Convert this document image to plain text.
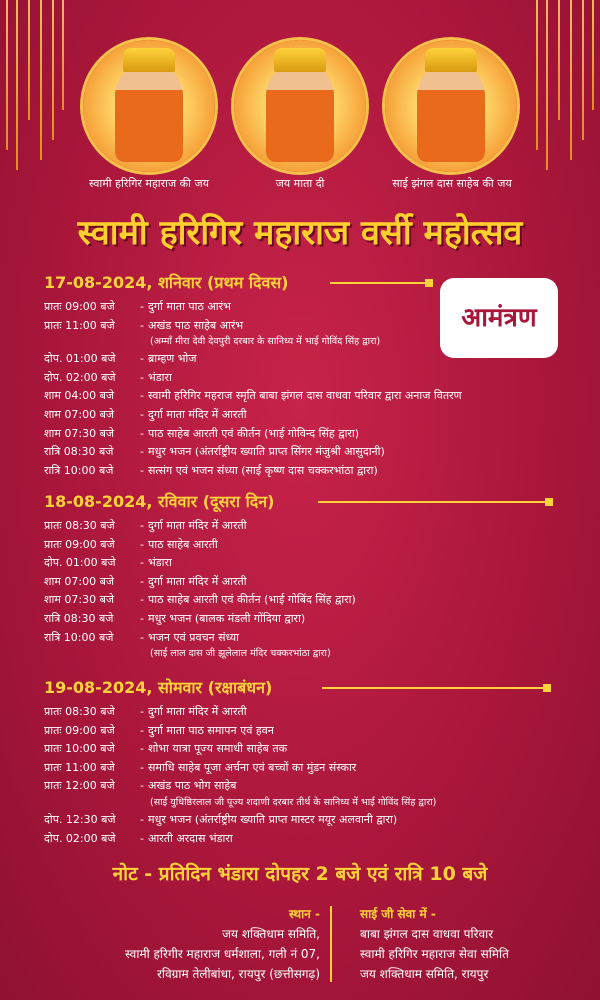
स्वामी हरिगिर महाराज की जय	जय माता दी	साई झंगल दास साहेब की जय
स्वामी हरिगिर महाराज वर्सी महोत्सव
आमंत्रण
17-08-2024, शनिवार (प्रथम दिवस)
प्रातः 09:00 बजे - दुर्गा माता पाठ आरंभ
प्रातः 11:00 बजे - अखंड पाठ साहेब आरंभ
(अम्माँ मीरा देवी देवपुरी दरबार के सानिध्य में भाई गोविंद सिंह द्वारा)
दोप. 01:00 बजे - ब्राम्हण भोज
दोप. 02:00 बजे - भंडारा
शाम 04:00 बजे - स्वामी हरिगिर महराज स्मृति बाबा झंगल दास वाधवा परिवार द्वारा अनाज वितरण
शाम 07:00 बजे - दुर्गा माता मंदिर में आरती
शाम 07:30 बजे - पाठ साहेब आरती एवं कीर्तन (भाई गोविन्द सिंह द्वारा)
रात्रि 08:30 बजे - मधुर भजन (अंतर्राष्ट्रीय ख्याति प्राप्त सिंगर मंजुश्री आसुदानी)
रात्रि 10:00 बजे - सत्संग एवं भजन संध्या (साई कृष्ण दास चक्करभांठा द्वारा)
18-08-2024, रविवार (दूसरा दिन)
प्रातः 08:30 बजे - दुर्गा माता मंदिर में आरती
प्रातः 09:00 बजे - पाठ साहेब आरती
दोप. 01:00 बजे - भंडारा
शाम 07:00 बजे - दुर्गा माता मंदिर में आरती
शाम 07:30 बजे - पाठ साहेब आरती एवं कीर्तन (भाई गोबिंद सिंह द्वारा)
रात्रि 08:30 बजे - मधुर भजन (बालक मंडली गोंदिया द्वारा)
रात्रि 10:00 बजे - भजन एवं प्रवचन संध्या
(साई लाल दास जी झूलेलाल मंदिर चक्करभांठा द्वारा)
19-08-2024, सोमवार (रक्षाबंधन)
प्रातः 08:30 बजे - दुर्गा माता मंदिर में आरती
प्रातः 09:00 बजे - दुर्गा माता पाठ समापन एवं हवन
प्रातः 10:00 बजे - शोभा यात्रा पूज्य समाधी साहेब तक
प्रातः 11:00 बजे - समाधि साहेब पूजा अर्चना एवं बच्चों का मुंडन संस्कार
प्रातः 12:00 बजे - अखंड पाठ भोग साहेब
(साईं युधिष्ठिरलाल जी पूज्य शदाणी दरबार तीर्थ के सानिध्य में भाई गोविंद सिंह द्वारा)
दोप. 12:30 बजे - मधुर भजन (अंतर्राष्ट्रीय ख्याति प्राप्त मास्टर मयूर अलवानी द्वारा)
दोप. 02:00 बजे - आरती अरदास भंडारा
नोट - प्रतिदिन भंडारा दोपहर 2 बजे एवं रात्रि 10 बजे
स्थान -
जय शक्तिधाम समिति,
स्वामी हरिगीर महाराज धर्मशाला, गली नं 07,
रविग्राम तेलीबांधा, रायपुर (छत्तीसगढ़)
साई जी सेवा में -
बाबा झंगल दास वाधवा परिवार
स्वामी हरिगिर महाराज सेवा समिति
जय शक्तिधाम समिति, रायपुर
